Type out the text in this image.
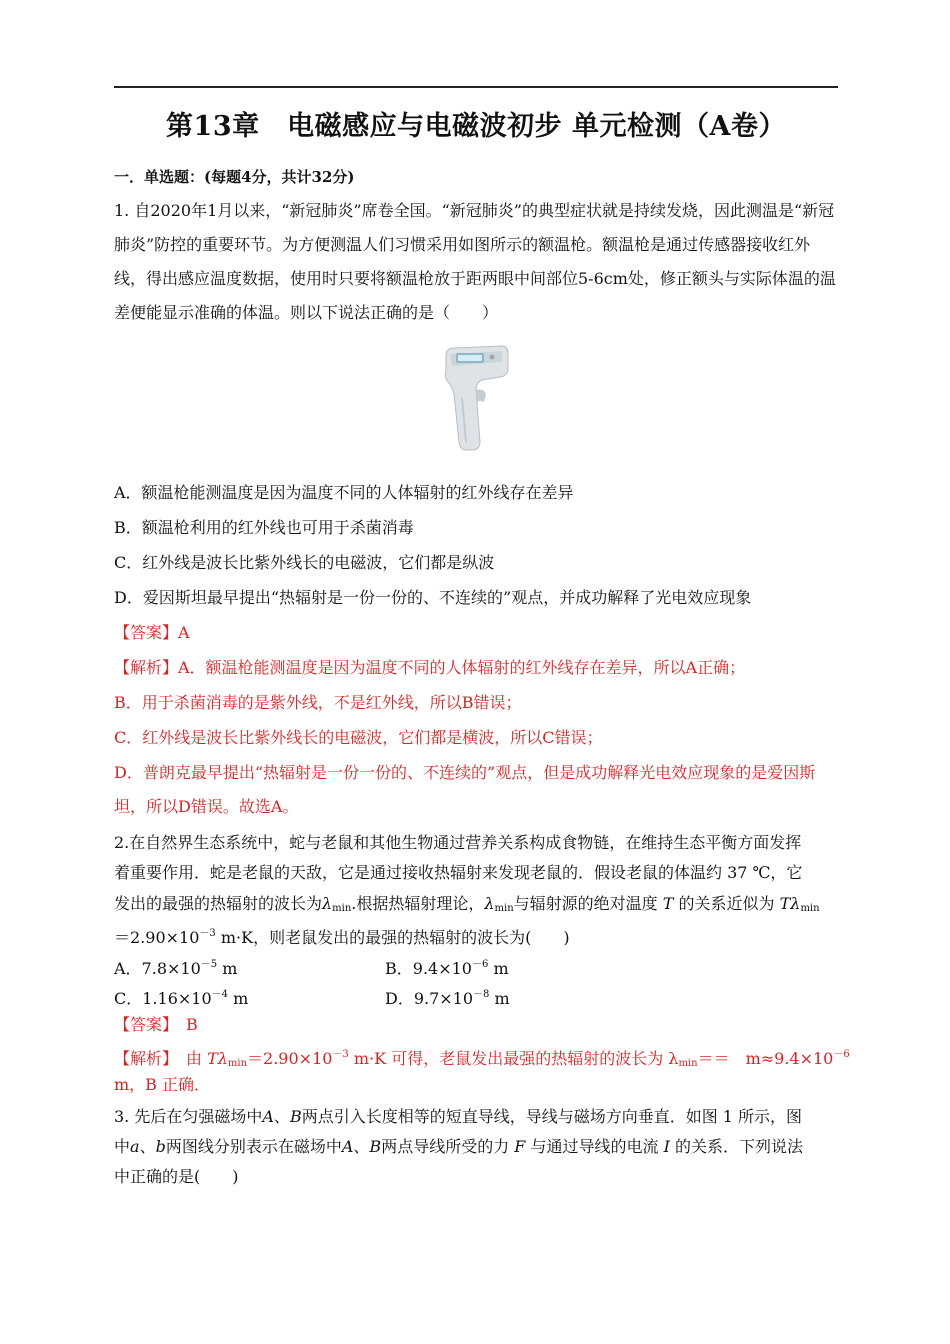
第13章　电磁感应与电磁波初步 单元检测（A卷）
一．单选题：(每题4分，共计32分)
1. 自2020年1月以来，“新冠肺炎”席卷全国。“新冠肺炎”的典型症状就是持续发烧，因此测温是“新冠肺炎”防控的重要环节。为方便测温人们习惯采用如图所示的额温枪。额温枪是通过传感器接收红外线，得出感应温度数据，使用时只要将额温枪放于距两眼中间部位5-6cm处，修正额头与实际体温的温差便能显示准确的体温。则以下说法正确的是（　　）
A．额温枪能测温度是因为温度不同的人体辐射的红外线存在差异
B．额温枪利用的红外线也可用于杀菌消毒
C．红外线是波长比紫外线长的电磁波，它们都是纵波
D．爱因斯坦最早提出“热辐射是一份一份的、不连续的”观点，并成功解释了光电效应现象
【答案】A
【解析】A．额温枪能测温度是因为温度不同的人体辐射的红外线存在差异，所以A正确；
B．用于杀菌消毒的是紫外线，不是红外线，所以B错误；
C．红外线是波长比紫外线长的电磁波，它们都是横波，所以C错误；
D．普朗克最早提出“热辐射是一份一份的、不连续的”观点，但是成功解释光电效应现象的是爱因斯坦，所以D错误。故选A。
2.在自然界生态系统中，蛇与老鼠和其他生物通过营养关系构成食物链，在维持生态平衡方面发挥
着重要作用．蛇是老鼠的天敌，它是通过接收热辐射来发现老鼠的．假设老鼠的体温约 37 ℃，它
发出的最强的热辐射的波长为$\lambda_{min}$.根据热辐射理论，$\lambda_{min}$与辐射源的绝对温度 T 的关系近似为 $T\lambda_{min}$
$=2.90\times 10^{-3}$ m·K，则老鼠发出的最强的热辐射的波长为(　　)
A．$7.8\times 10^{-5}$ m	B．$9.4\times 10^{-6}$ m
C．$1.16\times 10^{-4}$ m	D．$9.7\times 10^{-8}$ m
【答案】　B
【解析】　由 $T\lambda_{min}=2.90\times 10^{-3}$ m·K 可得，老鼠发出最强的热辐射的波长为 $\lambda_{min}==$　$m\approx 9.4\times 10^{-6}$
m，B 正确．
3. 先后在匀强磁场中A、B两点引入长度相等的短直导线，导线与磁场方向垂直．如图 1 所示，图
中a、b两图线分别表示在磁场中A、B两点导线所受的力 F 与通过导线的电流 I 的关系．下列说法
中正确的是(　　)
